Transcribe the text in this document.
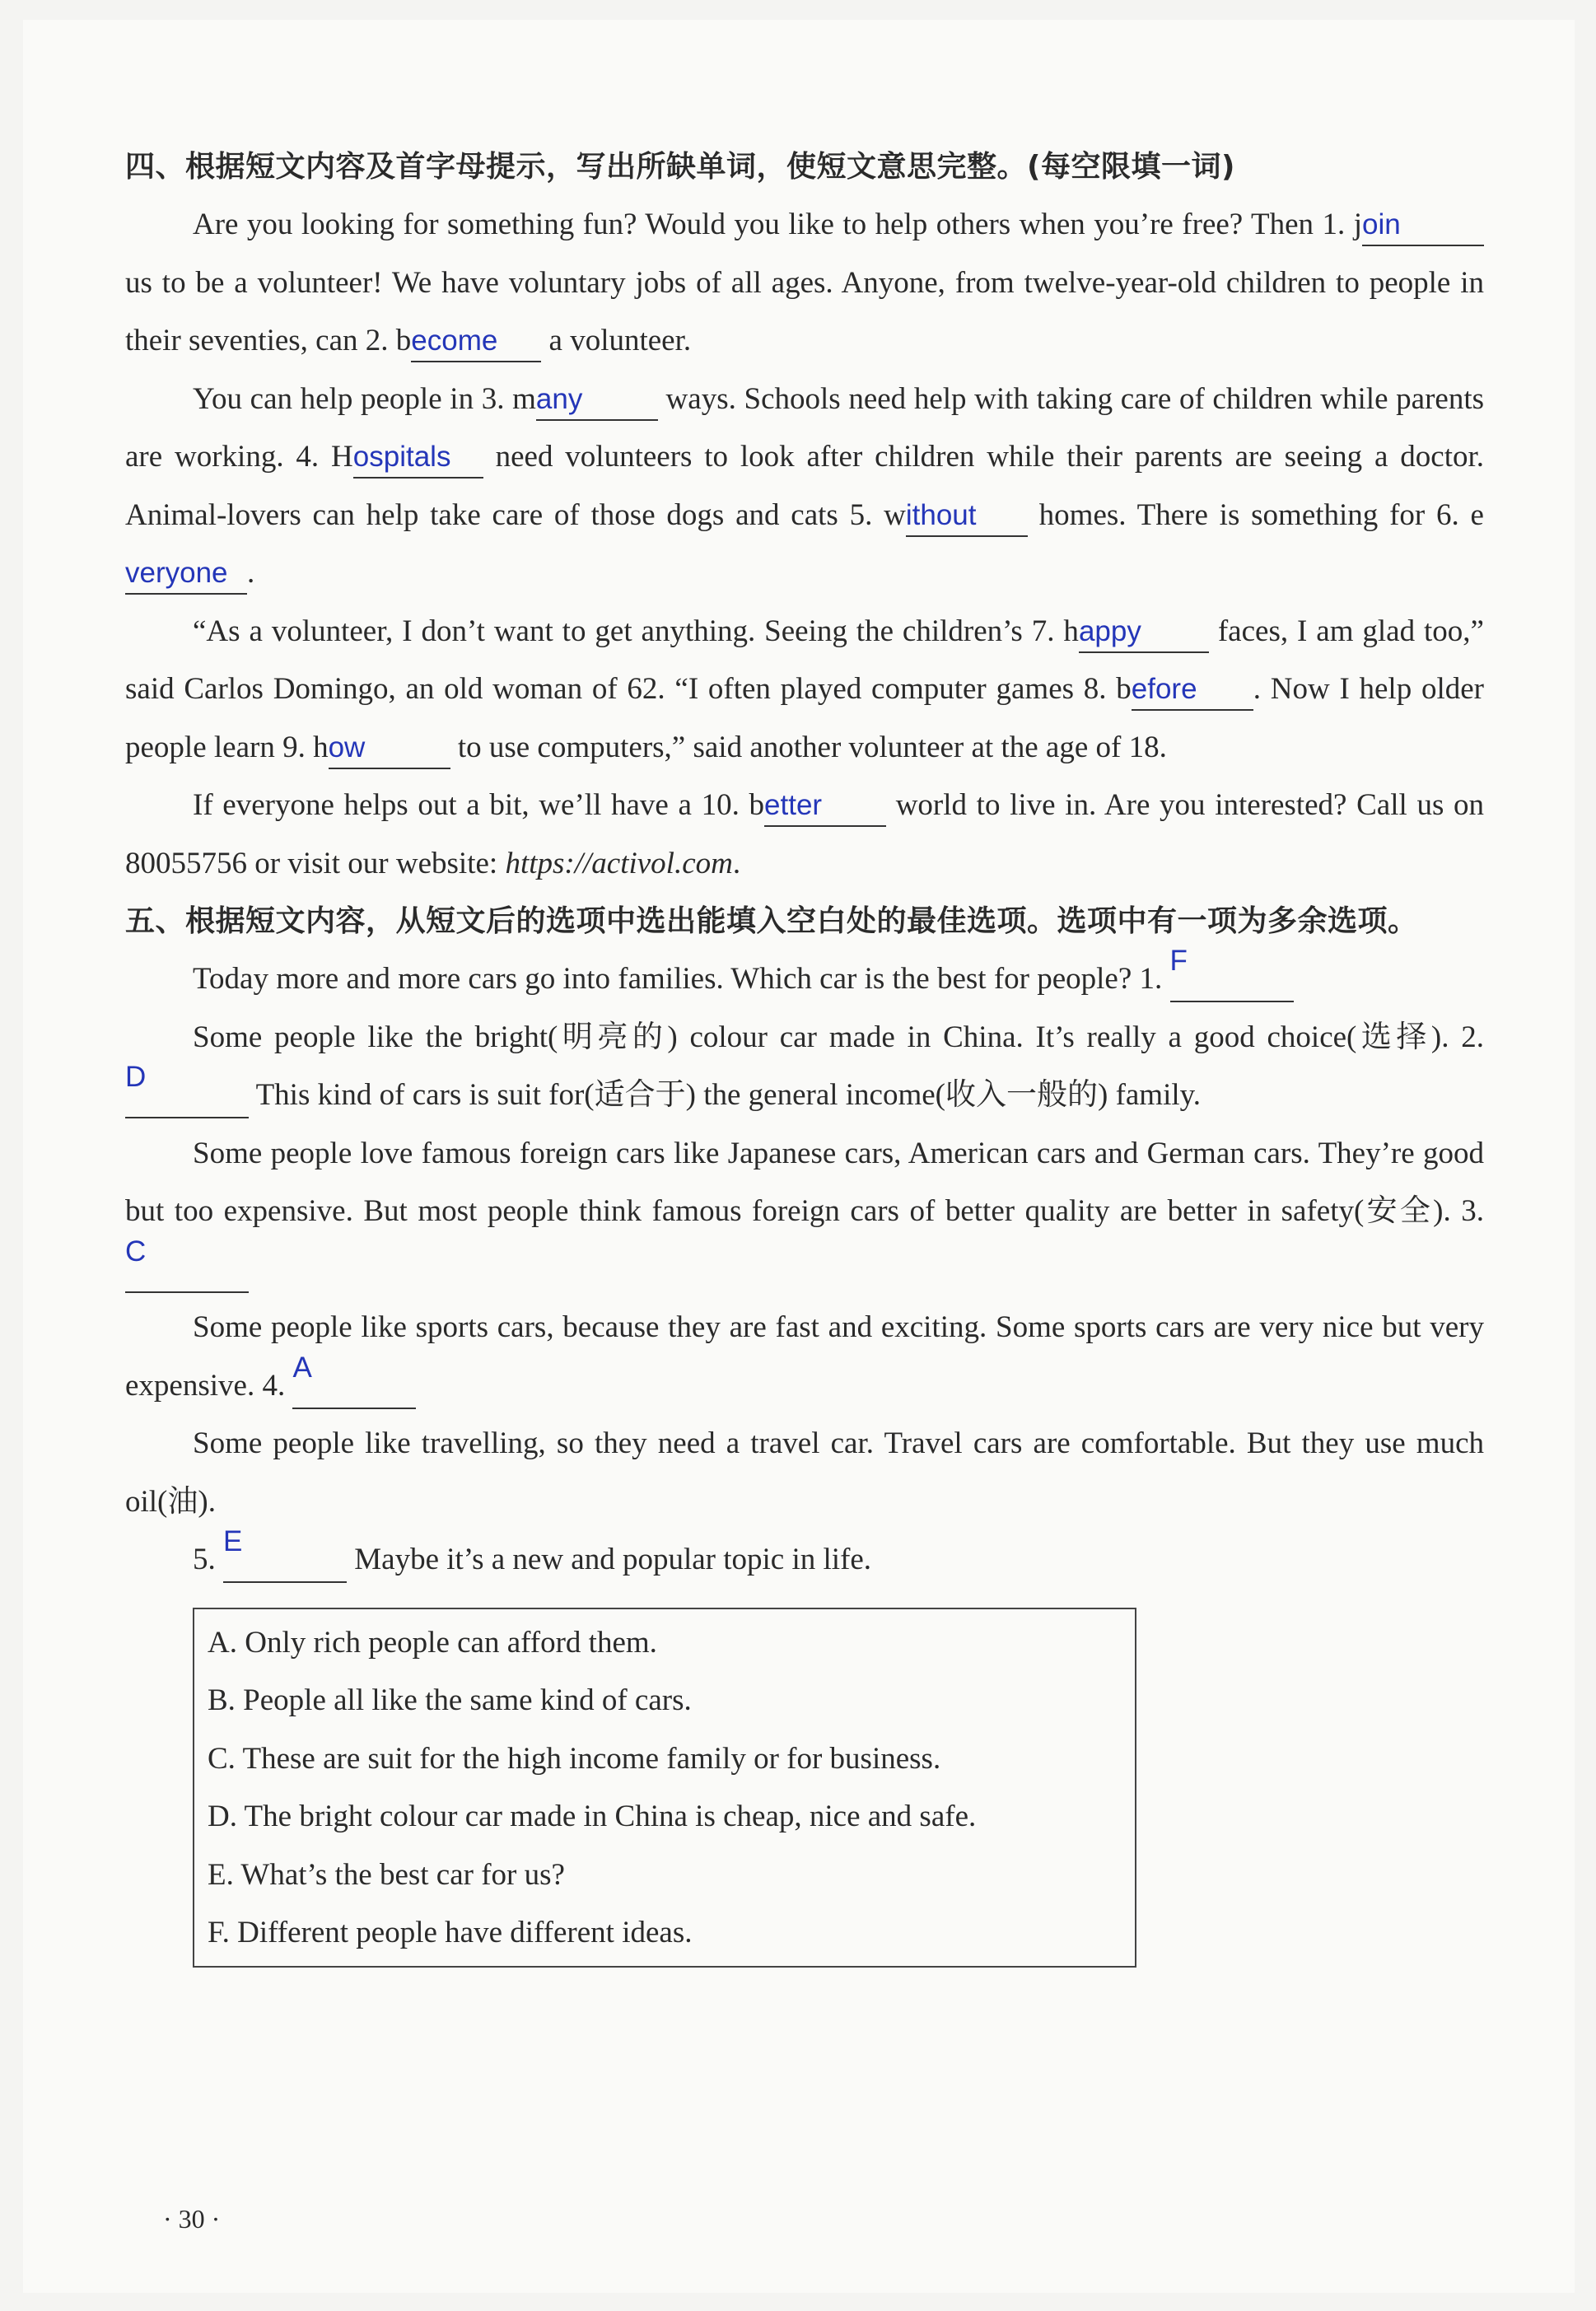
四、根据短文内容及首字母提示，写出所缺单词，使短文意思完整。(每空限填一词)

Are you looking for something fun? Would you like to help others when you’re free? Then 1. join us to be a volunteer! We have voluntary jobs of all ages. Anyone, from twelve-year-old children to people in their seventies, can 2. become a volunteer.

You can help people in 3. many ways. Schools need help with taking care of children while parents are working. 4. Hospitals need volunteers to look after children while their parents are seeing a doctor. Animal-lovers can help take care of those dogs and cats 5. without homes. There is something for 6. everyone .

“As a volunteer, I don’t want to get anything. Seeing the children’s 7. happy faces, I am glad too,” said Carlos Domingo, an old woman of 62. “I often played computer games 8. before . Now I help older people learn 9. how	to use computers,” said another volunteer at the age of 18.

If everyone helps out a bit, we’ll have a 10. better world to live in. Are you interested? Call us on 80055756 or visit our website: https://activol.com.

五、根据短文内容，从短文后的选项中选出能填入空白处的最佳选项。选项中有一项为多余选项。

Today more and more cars go into families. Which car is the best for people? 1. F

Some people like the bright(明亮的) colour car made in China. It’s really a good choice(选择). 2. D This kind of cars is suit for(适合于) the general income(收入一般的) family.

Some people love famous foreign cars like Japanese cars, American cars and German cars. They’re good but too expensive. But most people think famous foreign cars of better quality are better in safety(安全). 3. C

Some people like sports cars, because they are fast and exciting. Some sports cars are very nice but very expensive. 4. A

Some people like travelling, so they need a travel car. Travel cars are comfortable. But they use much oil(油).

5. E Maybe it’s a new and popular topic in life.

A. Only rich people can afford them.
B. People all like the same kind of cars.
C. These are suit for the high income family or for business.
D. The bright colour car made in China is cheap, nice and safe.
E. What’s the best car for us?
F. Different people have different ideas.
· 30 ·
